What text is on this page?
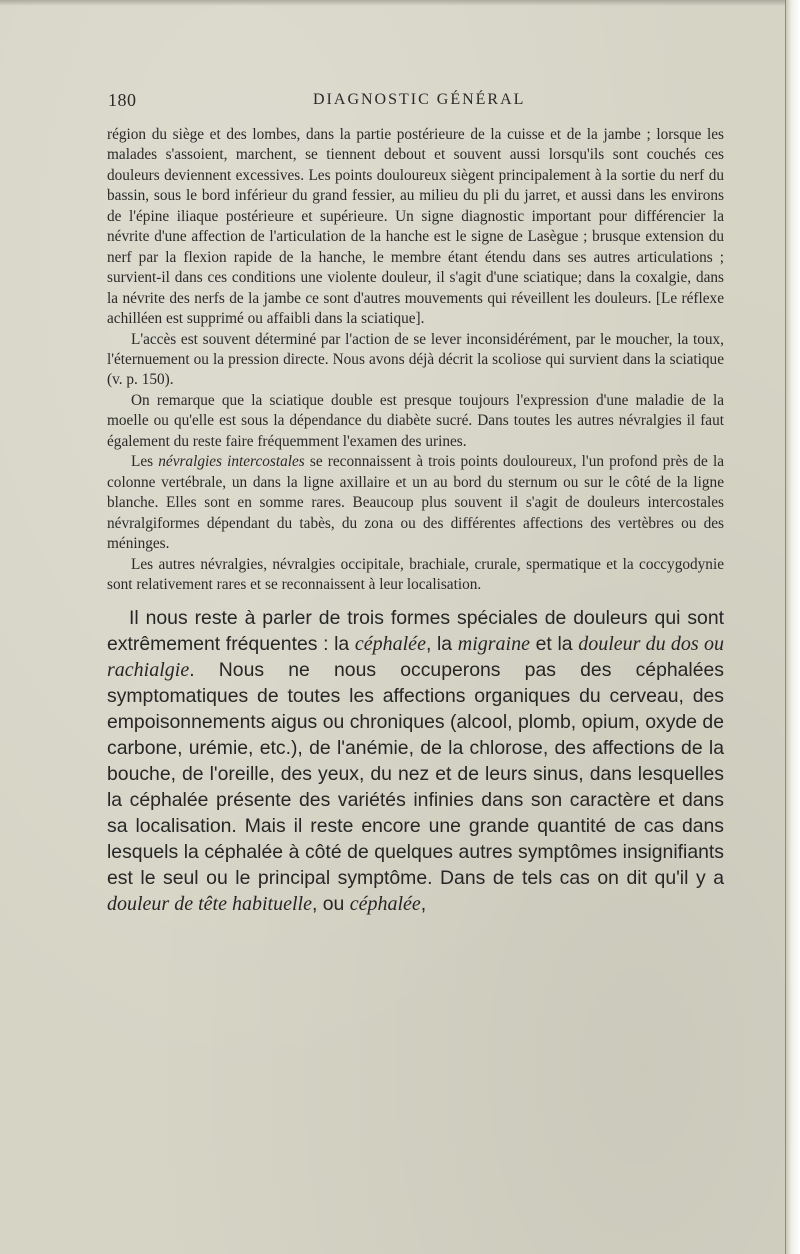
180	DIAGNOSTIC GÉNÉRAL

région du siège et des lombes, dans la partie postérieure de la cuisse et de la jambe ; lorsque les malades s'assoient, marchent, se tiennent debout et souvent aussi lorsqu'ils sont couchés ces douleurs deviennent excessives. Les points douloureux siègent principalement à la sortie du nerf du bassin, sous le bord inférieur du grand fessier, au milieu du pli du jarret, et aussi dans les environs de l'épine iliaque postérieure et supérieure. Un signe diagnostic important pour différencier la névrite d'une affection de l'articulation de la hanche est le signe de Lasègue ; brusque extension du nerf par la flexion rapide de la hanche, le membre étant étendu dans ses autres articulations ; survient-il dans ces conditions une violente douleur, il s'agit d'une sciatique; dans la coxalgie, dans la névrite des nerfs de la jambe ce sont d'autres mouvements qui réveillent les douleurs. [Le réflexe achilléen est supprimé ou affaibli dans la sciatique].

L'accès est souvent déterminé par l'action de se lever inconsidérément, par le moucher, la toux, l'éternuement ou la pression directe. Nous avons déjà décrit la scoliose qui survient dans la sciatique (v. p. 150).

On remarque que la sciatique double est presque toujours l'expression d'une maladie de la moelle ou qu'elle est sous la dépendance du diabète sucré. Dans toutes les autres névralgies il faut également du reste faire fréquemment l'examen des urines.

Les névralgies intercostales se reconnaissent à trois points douloureux, l'un profond près de la colonne vertébrale, un dans la ligne axillaire et un au bord du sternum ou sur le côté de la ligne blanche. Elles sont en somme rares. Beaucoup plus souvent il s'agit de douleurs intercostales névralgiformes dépendant du tabès, du zona ou des différentes affections des vertèbres ou des méninges.

Les autres névralgies, névralgies occipitale, brachiale, crurale, spermatique et la coccygodynie sont relativement rares et se reconnaissent à leur localisation.

Il nous reste à parler de trois formes spéciales de douleurs qui sont extrêmement fréquentes : la céphalée, la migraine et la douleur du dos ou rachialgie. Nous ne nous occuperons pas des céphalées symptomatiques de toutes les affections organiques du cerveau, des empoisonnements aigus ou chroniques (alcool, plomb, opium, oxyde de carbone, urémie, etc.), de l'anémie, de la chlorose, des affections de la bouche, de l'oreille, des yeux, du nez et de leurs sinus, dans lesquelles la céphalée présente des variétés infinies dans son caractère et dans sa localisation. Mais il reste encore une grande quantité de cas dans lesquels la céphalée à côté de quelques autres symptômes insignifiants est le seul ou le principal symptôme. Dans de tels cas on dit qu'il y a douleur de tête habituelle, ou céphalée,
